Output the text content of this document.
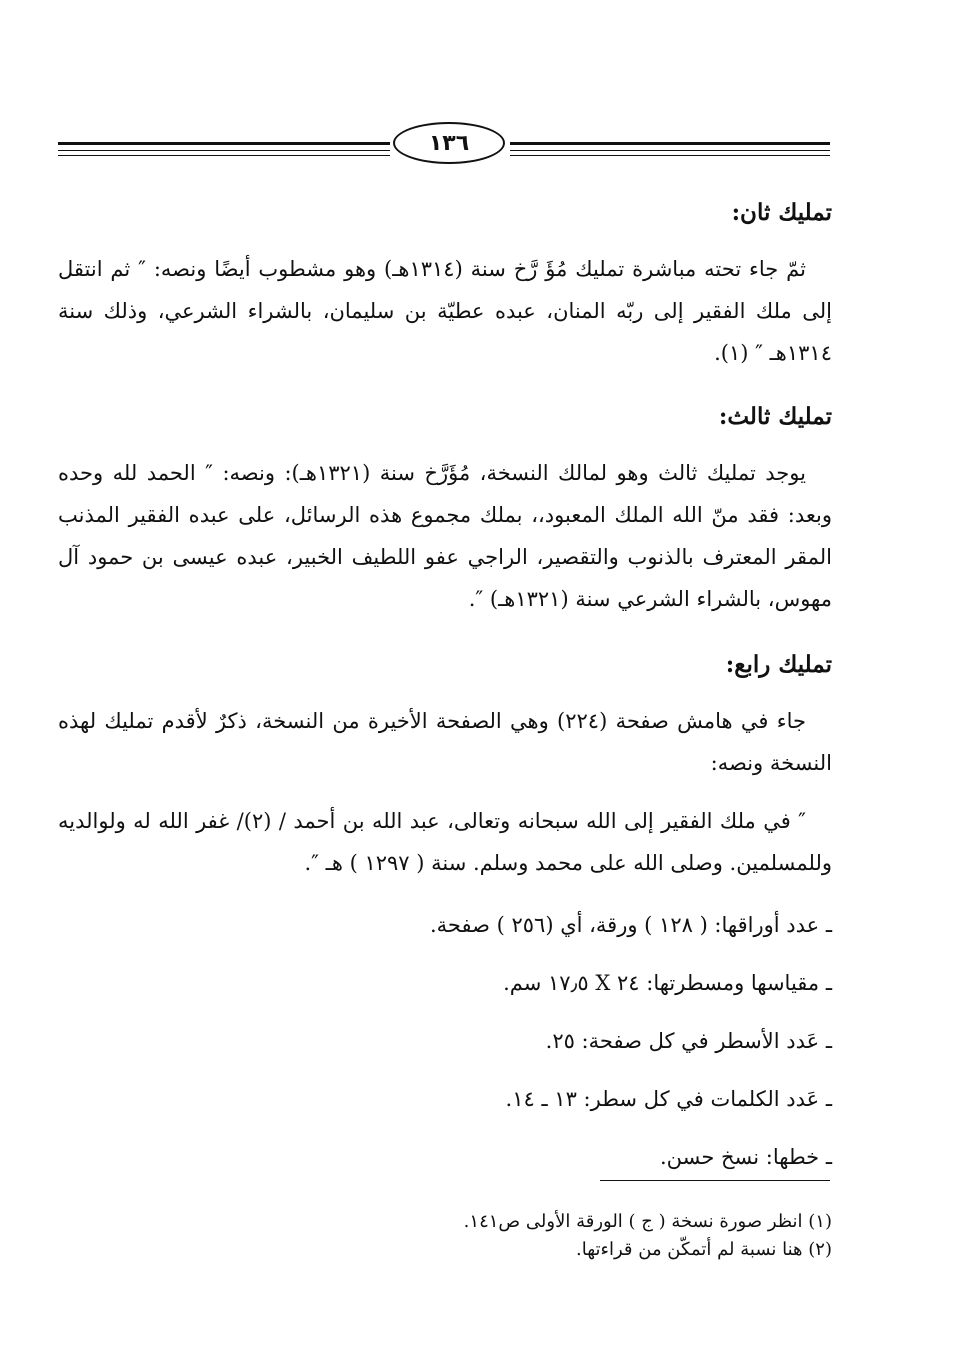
١٣٦
تمليك ثان:
ثمّ جاء تحته مباشرة تمليك مُؤَ رَّخ سنة (١٣١٤هـ) وهو مشطوب أيضًا ونصه: ″ ثم انتقل إلى ملك الفقير إلى ربّه المنان، عبده عطيّة بن سليمان، بالشراء الشرعي، وذلك سنة ١٣١٤هـ ″ (١).
تمليك ثالث:
يوجد تمليك ثالث وهو لمالك النسخة، مُؤَرَّخ سنة (١٣٢١هـ): ونصه: ″ الحمد لله وحده وبعد: فقد منّ الله الملك المعبود،، بملك مجموع هذه الرسائل، على عبده الفقير المذنب المقر المعترف بالذنوب والتقصير، الراجي عفو اللطيف الخبير، عبده عيسى بن حمود آل مهوس، بالشراء الشرعي سنة (١٣٢١هـ) ″.
تمليك رابع:
جاء في هامش صفحة (٢٢٤) وهي الصفحة الأخيرة من النسخة، ذكرٌ لأقدم تمليك لهذه النسخة ونصه:
″ في ملك الفقير إلى الله سبحانه وتعالى، عبد الله بن أحمد / (٢)/ غفر الله له ولوالديه وللمسلمين. وصلى الله على محمد وسلم. سنة ( ١٢٩٧ ) هـ ″.
ـ عدد أوراقها: ( ١٢٨ ) ورقة، أي (٢٥٦ ) صفحة.
ـ مقياسها ومسطرتها: ٢٤ X ١٧٫٥ سم.
ـ عَدد الأسطر في كل صفحة: ٢٥.
ـ عَدد الكلمات في كل سطر: ١٣ ـ ١٤.
ـ خطها: نسخ حسن.
(١) انظر صورة نسخة ( ج ) الورقة الأولى ص١٤١.
(٢) هنا نسبة لم أتمكّن من قراءتها.
